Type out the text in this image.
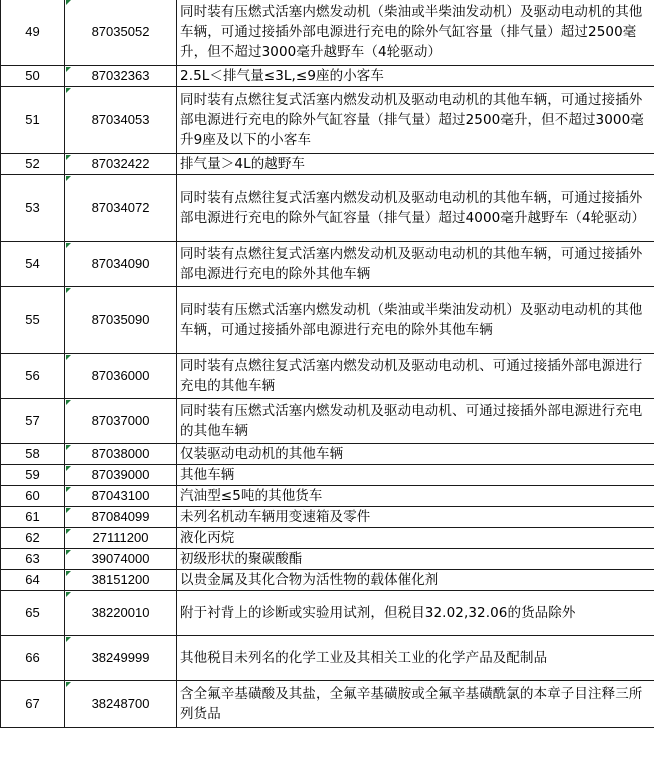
49	87035052	同时装有压燃式活塞内燃发动机（柴油或半柴油发动机）及驱动电动机的其他车辆，可通过接插外部电源进行充电的除外气缸容量（排气量）超过2500毫升，但不超过3000毫升越野车（4轮驱动）
50	87032363	2.5L＜排气量≤3L,≤9座的小客车
51	87034053	同时装有点燃往复式活塞内燃发动机及驱动电动机的其他车辆，可通过接插外部电源进行充电的除外气缸容量（排气量）超过2500毫升，但不超过3000毫升9座及以下的小客车
52	87032422	排气量＞4L的越野车
53	87034072	同时装有点燃往复式活塞内燃发动机及驱动电动机的其他车辆，可通过接插外部电源进行充电的除外气缸容量（排气量）超过4000毫升越野车（4轮驱动）
54	87034090	同时装有点燃往复式活塞内燃发动机及驱动电动机的其他车辆，可通过接插外部电源进行充电的除外其他车辆
55	87035090	同时装有压燃式活塞内燃发动机（柴油或半柴油发动机）及驱动电动机的其他车辆，可通过接插外部电源进行充电的除外其他车辆
56	87036000	同时装有点燃往复式活塞内燃发动机及驱动电动机、可通过接插外部电源进行充电的其他车辆
57	87037000	同时装有压燃式活塞内燃发动机及驱动电动机、可通过接插外部电源进行充电的其他车辆
58	87038000	仅装驱动电动机的其他车辆
59	87039000	其他车辆
60	87043100	汽油型≤5吨的其他货车
61	87084099	未列名机动车辆用变速箱及零件
62	27111200	液化丙烷
63	39074000	初级形状的聚碳酸酯
64	38151200	以贵金属及其化合物为活性物的载体催化剂
65	38220010	附于衬背上的诊断或实验用试剂，但税目32.02,32.06的货品除外
66	38249999	其他税目未列名的化学工业及其相关工业的化学产品及配制品
67	38248700	含全氟辛基磺酸及其盐，全氟辛基磺胺或全氟辛基磺酰氯的本章子目注释三所列货品
